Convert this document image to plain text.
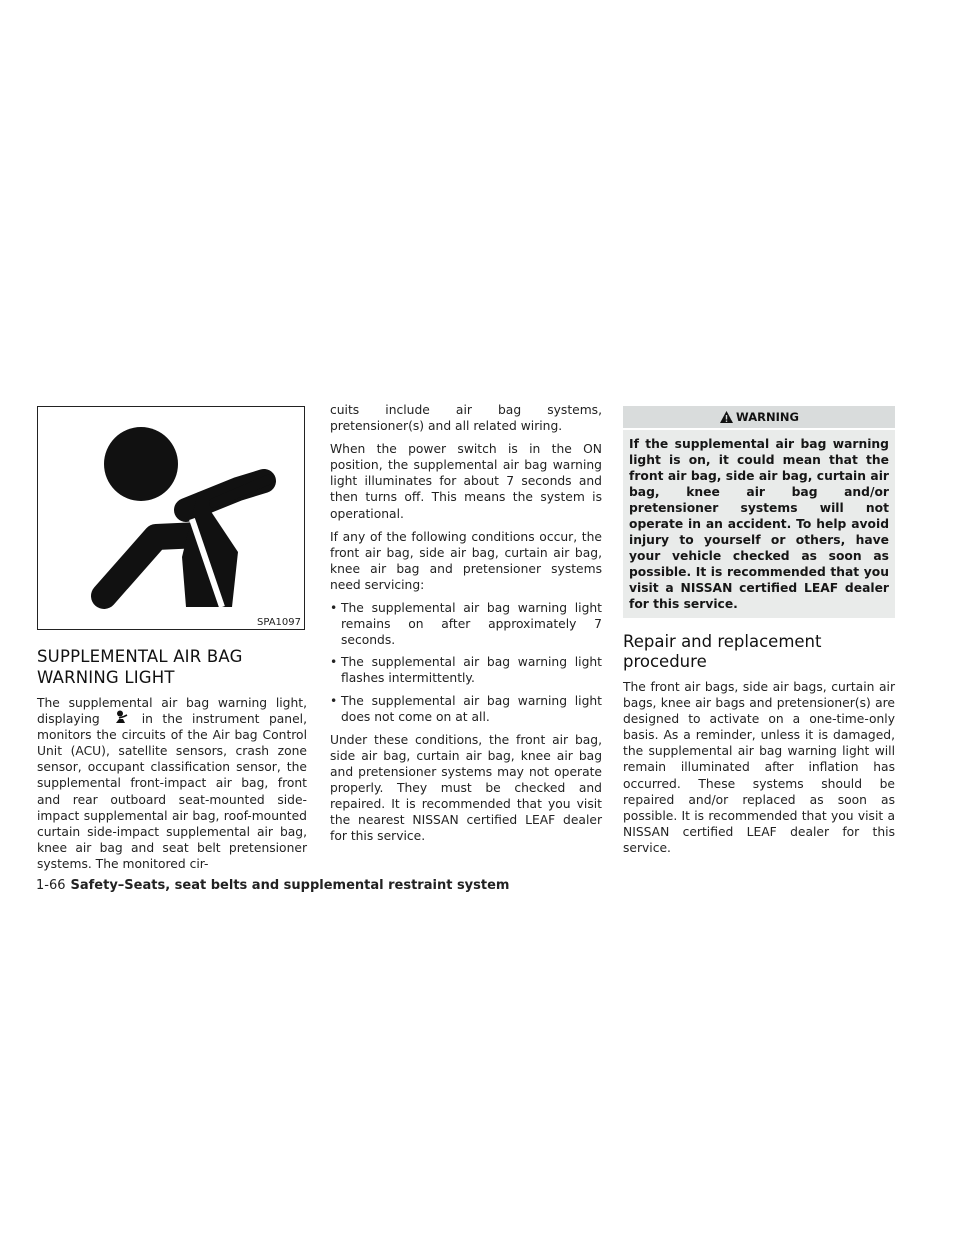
SPA1097
SUPPLEMENTAL AIR BAG WARNING LIGHT

The supplemental air bag warning light, displaying	in the instrument panel, monitors the circuits of the Air bag Control Unit (ACU), satellite sensors, crash zone sensor, occupant classification sensor, the supplemental front-impact air bag, front and rear outboard seat-mounted side-impact supplemental air bag, roof-mounted curtain side-impact supplemental air bag, knee air bag and seat belt pretensioner systems. The monitored cir-

cuits include air bag systems, pretensioner(s) and all related wiring.

When the power switch is in the ON position, the supplemental air bag warning light illuminates for about 7 seconds and then turns off. This means the system is operational.

If any of the following conditions occur, the front air bag, side air bag, curtain air bag, knee air bag and pretensioner systems need servicing:

• The supplemental air bag warning light remains on after approximately 7 seconds.
• The supplemental air bag warning light flashes intermittently.
• The supplemental air bag warning light does not come on at all.

Under these conditions, the front air bag, side air bag, curtain air bag, knee air bag and pretensioner systems may not operate properly. They must be checked and repaired. It is recommended that you visit the nearest NISSAN certified LEAF dealer for this service.

WARNING

If the supplemental air bag warning light is on, it could mean that the front air bag, side air bag, curtain air bag, knee air bag and/or pretensioner systems will not operate in an accident. To help avoid injury to yourself or others, have your vehicle checked as soon as possible. It is recommended that you visit a NISSAN certified LEAF dealer for this service.

Repair and replacement procedure

The front air bags, side air bags, curtain air bags, knee air bags and pretensioner(s) are designed to activate on a one-time-only basis. As a reminder, unless it is damaged, the supplemental air bag warning light will remain illuminated after inflation has occurred. These systems should be repaired and/or replaced as soon as possible. It is recommended that you visit a NISSAN certified LEAF dealer for this service.

1-66 Safety–Seats, seat belts and supplemental restraint system
